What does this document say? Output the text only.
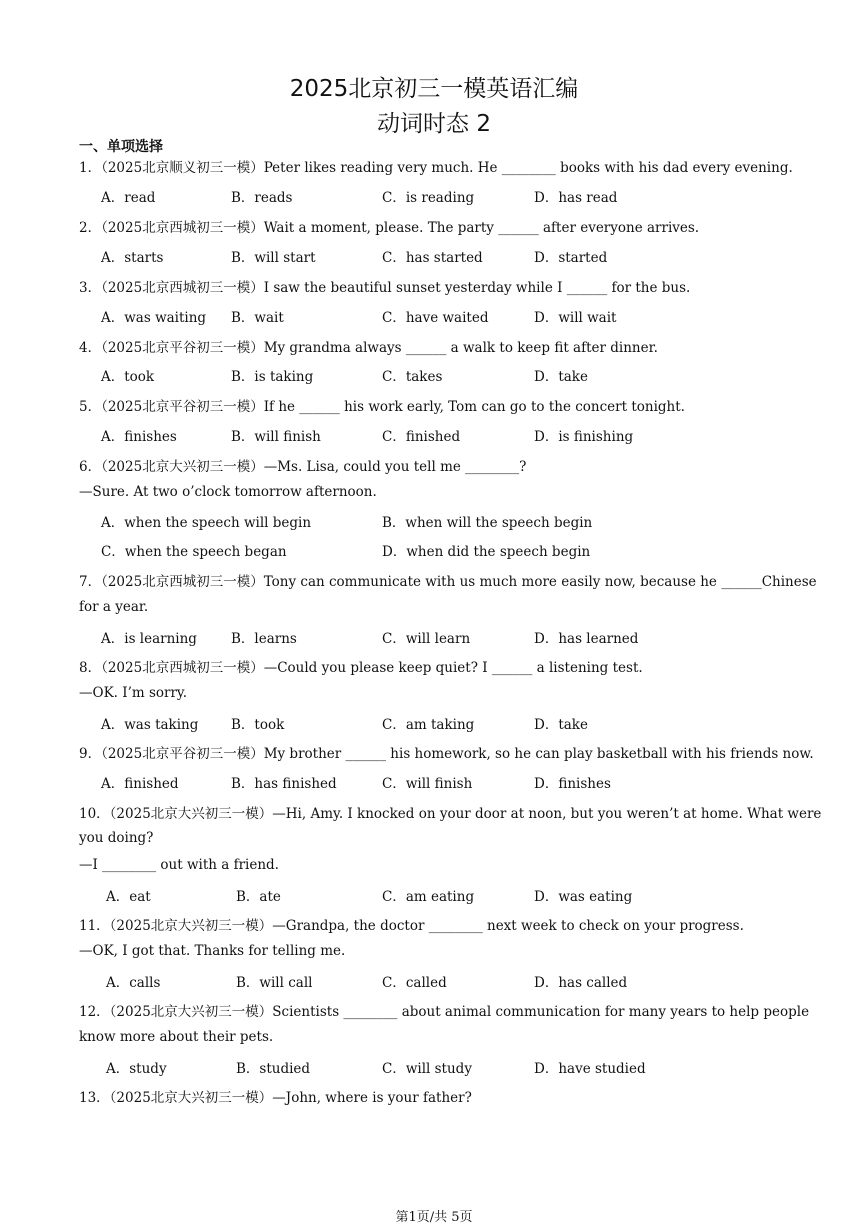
2025北京初三一模英语汇编
动词时态 2
一、单项选择
1．（2025北京顺义初三一模）Peter likes reading very much. He ________ books with his dad every evening.
A．read	B．reads	C．is reading	D．has read
2．（2025北京西城初三一模）Wait a moment, please. The party ______ after everyone arrives.
A．starts	B．will start	C．has started	D．started
3．（2025北京西城初三一模）I saw the beautiful sunset yesterday while I ______ for the bus.
A．was waiting B．wait	C．have waited	D．will wait
4．（2025北京平谷初三一模）My grandma always ______ a walk to keep fit after dinner.
A．took	B．is taking	C．takes	D．take
5．（2025北京平谷初三一模）If he ______ his work early, Tom can go to the concert tonight.
A．finishes	B．will finish	C．finished	D．is finishing
6．（2025北京大兴初三一模）—Ms. Lisa, could you tell me ________?
—Sure. At two o’clock tomorrow afternoon.
A．when the speech will begin	B．when will the speech begin
C．when the speech began	D．when did the speech begin
7．（2025北京西城初三一模）Tony can communicate with us much more easily now, because he ______Chinese
for a year.
A．is learning	B．learns	C．will learn	D．has learned
8．（2025北京西城初三一模）—Could you please keep quiet? I ______ a listening test.
—OK. I’m sorry.
A．was taking B．took	C．am taking	D．take
9．（2025北京平谷初三一模）My brother ______ his homework, so he can play basketball with his friends now.
A．finished	B．has finished	C．will finish	D．finishes
10．（2025北京大兴初三一模）—Hi, Amy. I knocked on your door at noon, but you weren’t at home. What were
you doing?
—I ________ out with a friend.
A．eat	B．ate	C．am eating	D．was eating
11．（2025北京大兴初三一模）—Grandpa, the doctor ________ next week to check on your progress.
—OK, I got that. Thanks for telling me.
A．calls	B．will call	C．called	D．has called
12．（2025北京大兴初三一模）Scientists ________ about animal communication for many years to help people
know more about their pets.
A．study	B．studied	C．will study	D．have studied
13．（2025北京大兴初三一模）—John, where is your father?
第1页/共 5页
